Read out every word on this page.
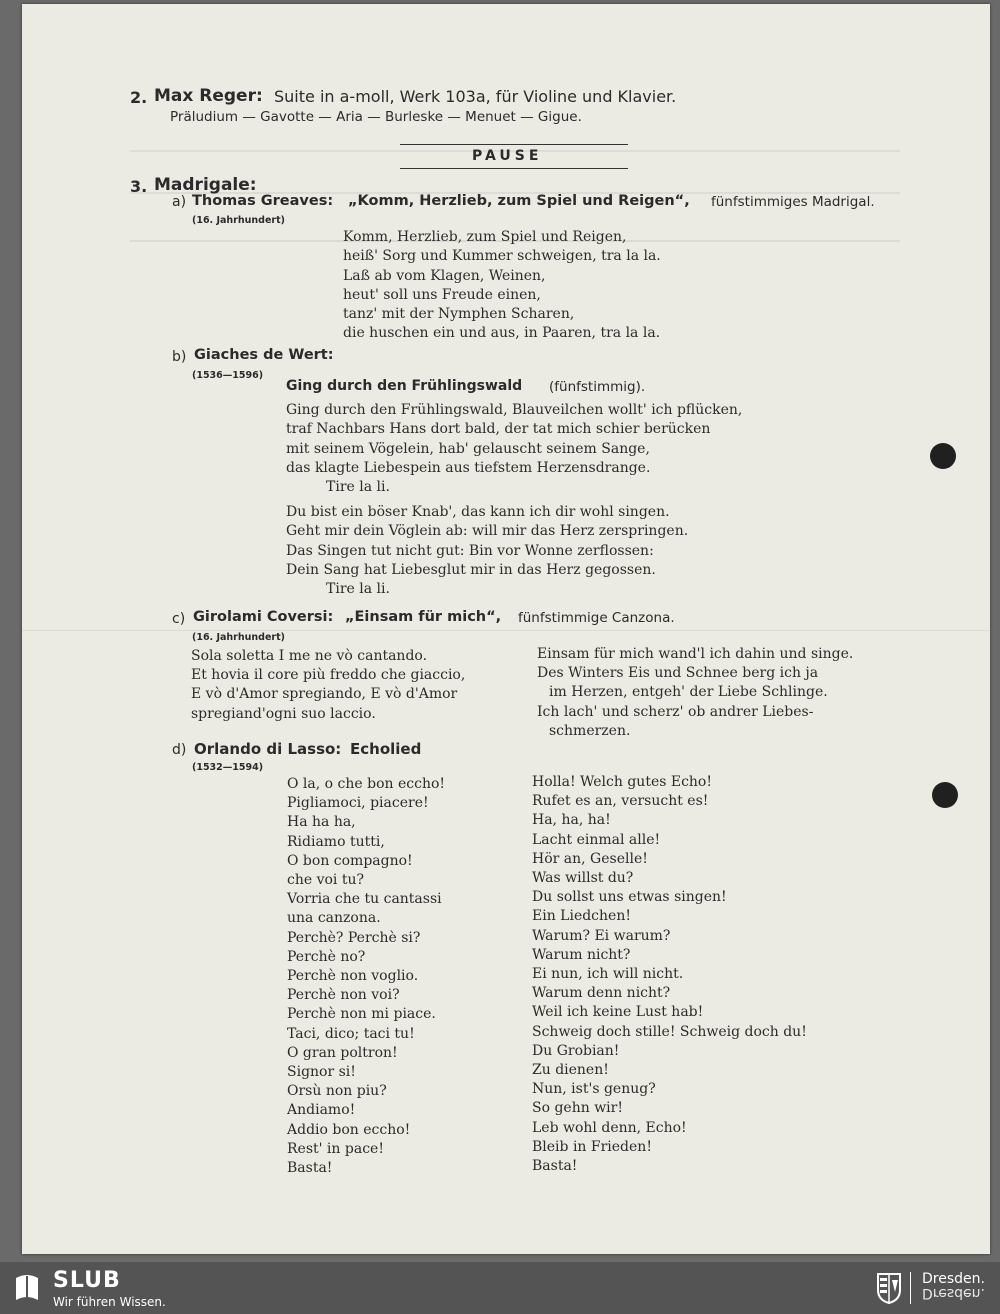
2. Max Reger: Suite in a-moll, Werk 103a, für Violine und Klavier.
Präludium — Gavotte — Aria — Burleske — Menuet — Gigue.
PAUSE
3. Madrigale:
a) Thomas Greaves: „Komm, Herzlieb, zum Spiel und Reigen“, fünfstimmiges Madrigal.
(16. Jahrhundert)
Komm, Herzlieb, zum Spiel und Reigen,
heiß' Sorg und Kummer schweigen, tra la la.
Laß ab vom Klagen, Weinen,
heut' soll uns Freude einen,
tanz' mit der Nymphen Scharen,
die huschen ein und aus, in Paaren, tra la la.
b) Giaches de Wert:
(1536—1596)
Ging durch den Frühlingswald (fünfstimmig).
Ging durch den Frühlingswald, Blauveilchen wollt' ich pflücken,
traf Nachbars Hans dort bald, der tat mich schier berücken
mit seinem Vögelein, hab' gelauscht seinem Sange,
das klagte Liebespein aus tiefstem Herzensdrange.
Tire la li.
Du bist ein böser Knab', das kann ich dir wohl singen.
Geht mir dein Vöglein ab: will mir das Herz zerspringen.
Das Singen tut nicht gut: Bin vor Wonne zerflossen:
Dein Sang hat Liebesglut mir in das Herz gegossen.
Tire la li.
c) Girolami Coversi: „Einsam für mich“, fünfstimmige Canzona.
(16. Jahrhundert)
Sola soletta I me ne vò cantando.
Et hovia il core più freddo che giaccio,
E vò d'Amor spregiando, E vò d'Amor
spregiand'ogni suo laccio.
Einsam für mich wand'l ich dahin und singe.
Des Winters Eis und Schnee berg ich ja
im Herzen, entgeh' der Liebe Schlinge.
Ich lach' und scherz' ob andrer Liebes-
schmerzen.
d) Orlando di Lasso: Echolied
(1532—1594)
O la, o che bon eccho!
Pigliamoci, piacere!
Ha ha ha,
Ridiamo tutti,
O bon compagno!
che voi tu?
Vorria che tu cantassi
una canzona.
Perchè? Perchè si?
Perchè no?
Perchè non voglio.
Perchè non voi?
Perchè non mi piace.
Taci, dico; taci tu!
O gran poltron!
Signor si!
Orsù non piu?
Andiamo!
Addio bon eccho!
Rest' in pace!
Basta!
Holla! Welch gutes Echo!
Rufet es an, versucht es!
Ha, ha, ha!
Lacht einmal alle!
Hör an, Geselle!
Was willst du?
Du sollst uns etwas singen!
Ein Liedchen!
Warum? Ei warum?
Warum nicht?
Ei nun, ich will nicht.
Warum denn nicht?
Weil ich keine Lust hab!
Schweig doch stille! Schweig doch du!
Du Grobian!
Zu dienen!
Nun, ist's genug?
So gehn wir!
Leb wohl denn, Echo!
Bleib in Frieden!
Basta!
SLUB
Wir führen Wissen.
Dresden.
Dresden.
